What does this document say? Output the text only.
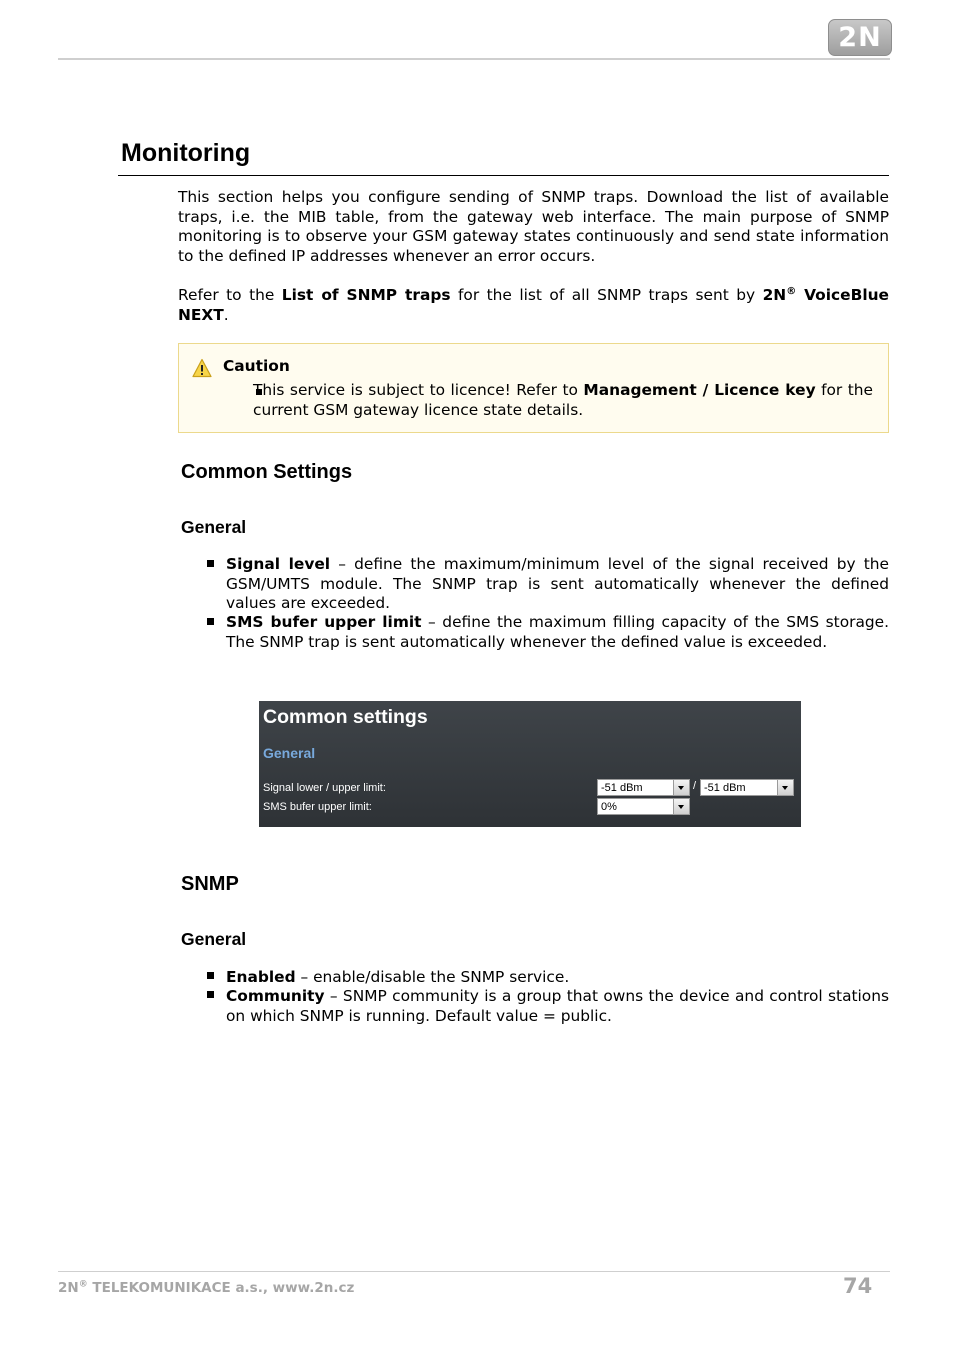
2N
Monitoring

This section helps you configure sending of SNMP traps. Download the list of available traps, i.e. the MIB table, from the gateway web interface. The main purpose of SNMP monitoring is to observe your GSM gateway states continuously and send state information to the defined IP addresses whenever an error occurs.

Refer to the List of SNMP traps for the list of all SNMP traps sent by 2N® VoiceBlue NEXT.

Caution
This service is subject to licence! Refer to Management / Licence key for the current GSM gateway licence state details.
Common Settings
General
Signal level – define the maximum/minimum level of the signal received by the GSM/UMTS module. The SNMP trap is sent automatically whenever the defined values are exceeded.
SMS bufer upper limit – define the maximum filling capacity of the SMS storage. The SNMP trap is sent automatically whenever the defined value is exceeded.
Common settings
General
Signal lower / upper limit:	-51 dBm	/ -51 dBm
SMS bufer upper limit:	0%
SNMP
General
Enabled – enable/disable the SNMP service.
Community – SNMP community is a group that owns the device and control stations on which SNMP is running. Default value = public.
2N® TELEKOMUNIKACE a.s., www.2n.cz	74
